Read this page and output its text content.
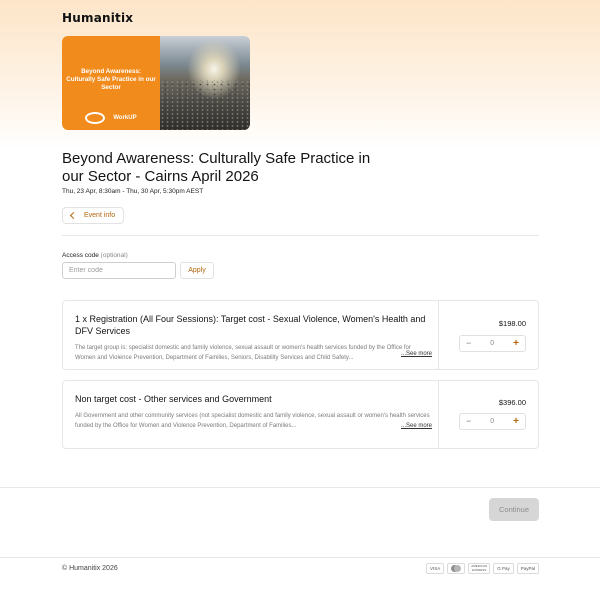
Humanitix
Beyond Awareness: Culturally Safe Practice in our Sector
WorkUP
Beyond Awareness: Culturally Safe Practice in our Sector - Cairns April 2026
Thu, 23 Apr, 8:30am - Thu, 30 Apr, 5:30pm AEST
Event info
Access code (optional)
Enter code
Apply
1 x Registration (All Four Sessions): Target cost - Sexual Violence, Women's Health and DFV Services
The target group is: specialist domestic and family violence, sexual assault or women's health services funded by the Office for Women and Violence Prevention, Department of Families, Seniors, Disability Services and Child Safety...
...See more
$198.00
−	0 +
Non target cost - Other services and Government
All Government and other community services (not specialist domestic and family violence, sexual assault or women's health services funded by the Office for Women and Violence Prevention, Department of Families...	...See more
$396.00
−	0 +
Continue
© Humanitix 2026	VISA	AMERICAN EXPRESS	G Pay	PayPal
